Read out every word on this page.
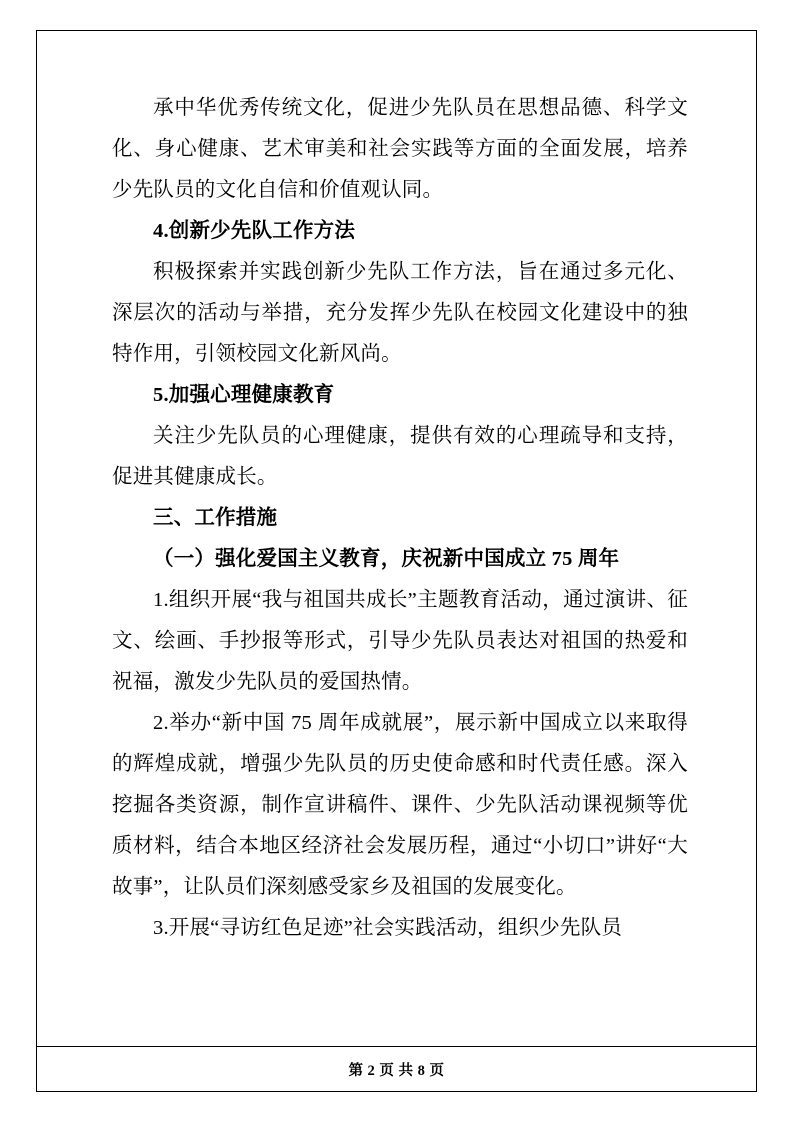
承中华优秀传统文化，促进少先队员在思想品德、科学文化、身心健康、艺术审美和社会实践等方面的全面发展，培养少先队员的文化自信和价值观认同。

4.创新少先队工作方法

积极探索并实践创新少先队工作方法，旨在通过多元化、深层次的活动与举措，充分发挥少先队在校园文化建设中的独特作用，引领校园文化新风尚。

5.加强心理健康教育

关注少先队员的心理健康，提供有效的心理疏导和支持，促进其健康成长。

三、工作措施

（一）强化爱国主义教育，庆祝新中国成立 75 周年

1.组织开展“我与祖国共成长”主题教育活动，通过演讲、征文、绘画、手抄报等形式，引导少先队员表达对祖国的热爱和祝福，激发少先队员的爱国热情。

2.举办“新中国 75 周年成就展”，展示新中国成立以来取得的辉煌成就，增强少先队员的历史使命感和时代责任感。深入挖掘各类资源，制作宣讲稿件、课件、少先队活动课视频等优质材料，结合本地区经济社会发展历程，通过“小切口”讲好“大故事”，让队员们深刻感受家乡及祖国的发展变化。

3.开展“寻访红色足迹”社会实践活动，组织少先队员

第 2 页 共 8 页
